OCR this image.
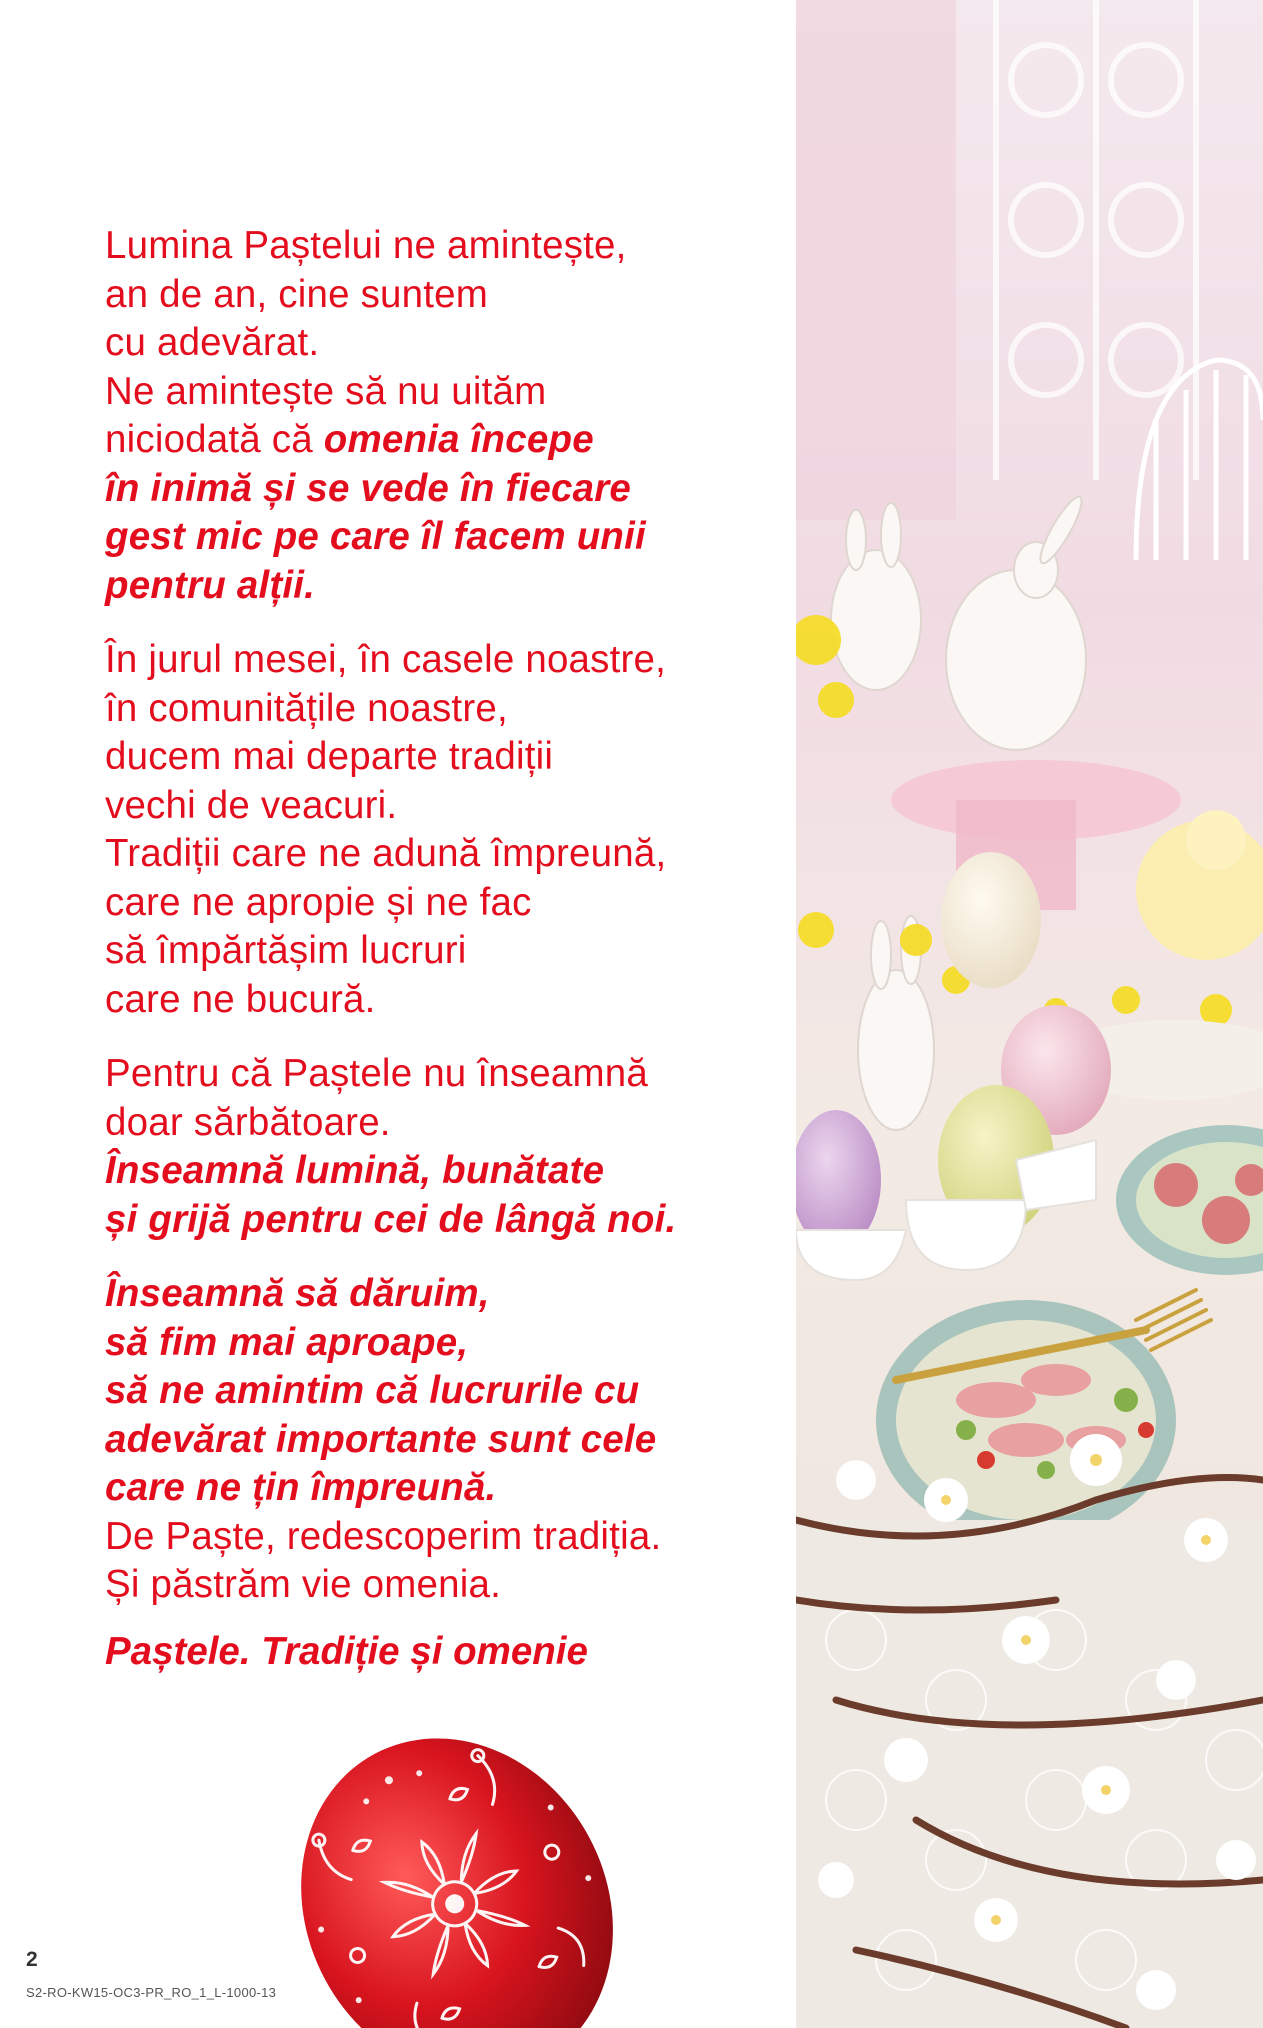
Lumina Paștelui ne amintește,
an de an, cine suntem
cu adevărat.
Ne amintește să nu uităm
niciodată că omenia începe
în inimă și se vede în fiecare
gest mic pe care îl facem unii
pentru alții.

În jurul mesei, în casele noastre,
în comunitățile noastre,
ducem mai departe tradiții
vechi de veacuri.
Tradiții care ne adună împreună,
care ne apropie și ne fac
să împărtășim lucruri
care ne bucură.

Pentru că Paștele nu înseamnă
doar sărbătoare.
Înseamnă lumină, bunătate
și grijă pentru cei de lângă noi.

Înseamnă să dăruim,
să fim mai aproape,
să ne amintim că lucrurile cu
adevărat importante sunt cele
care ne țin împreună.
De Paște, redescoperim tradiția.
Și păstrăm vie omenia.

Paștele. Tradiție și omenie
2
S2-RO-KW15-OC3-PR_RO_1_L-1000-13
